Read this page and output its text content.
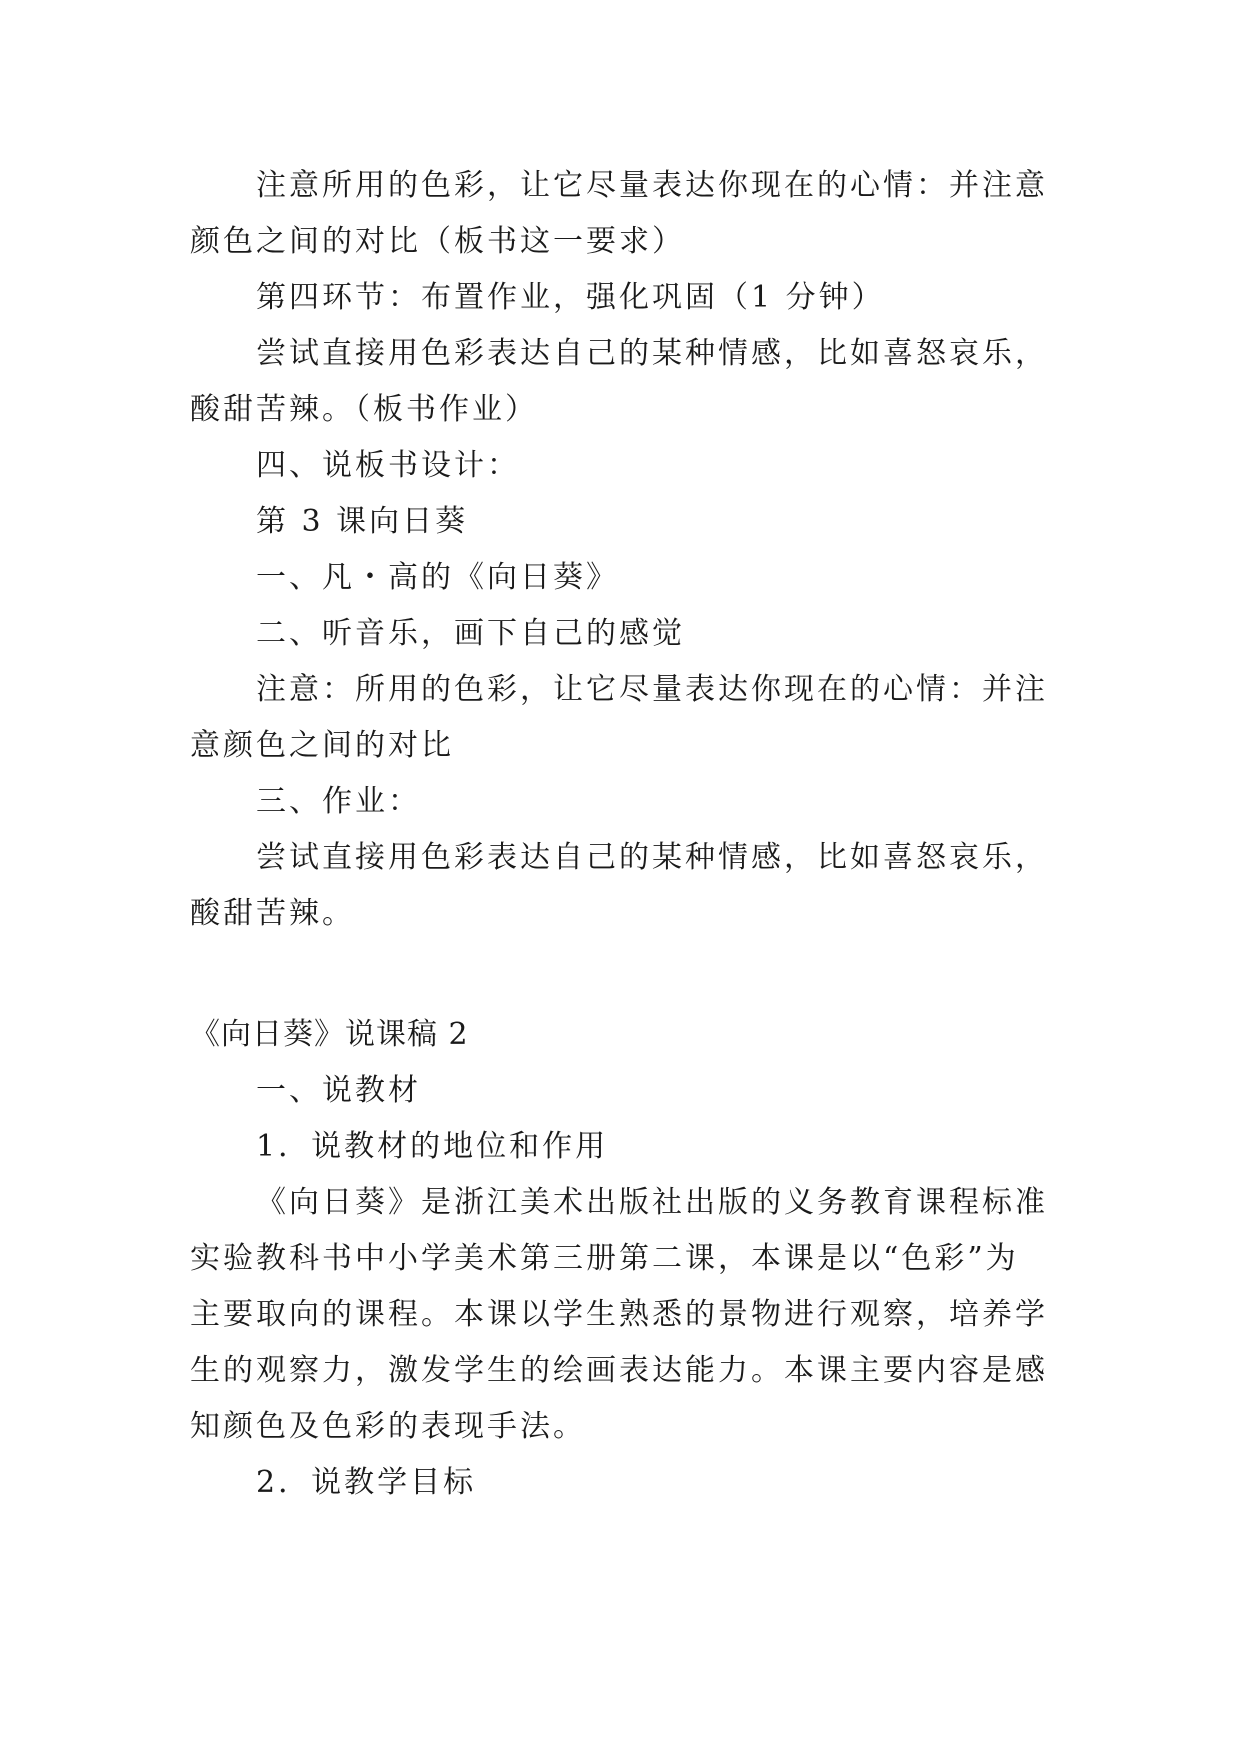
注意所用的色彩，让它尽量表达你现在的心情：并注意
颜色之间的对比（板书这一要求）
第四环节：布置作业，强化巩固（1 分钟）
尝试直接用色彩表达自己的某种情感，比如喜怒哀乐，
酸甜苦辣。（板书作业）
四、说板书设计：
第 3 课向日葵
一、凡・高的《向日葵》
二、听音乐，画下自己的感觉
注意：所用的色彩，让它尽量表达你现在的心情：并注
意颜色之间的对比
三、作业：
尝试直接用色彩表达自己的某种情感，比如喜怒哀乐，
酸甜苦辣。
《向日葵》说课稿 2
一、说教材
1．说教材的地位和作用
《向日葵》是浙江美术出版社出版的义务教育课程标准
实验教科书中小学美术第三册第二课，本课是以“色彩”为
主要取向的课程。本课以学生熟悉的景物进行观察，培养学
生的观察力，激发学生的绘画表达能力。本课主要内容是感
知颜色及色彩的表现手法。
2．说教学目标
